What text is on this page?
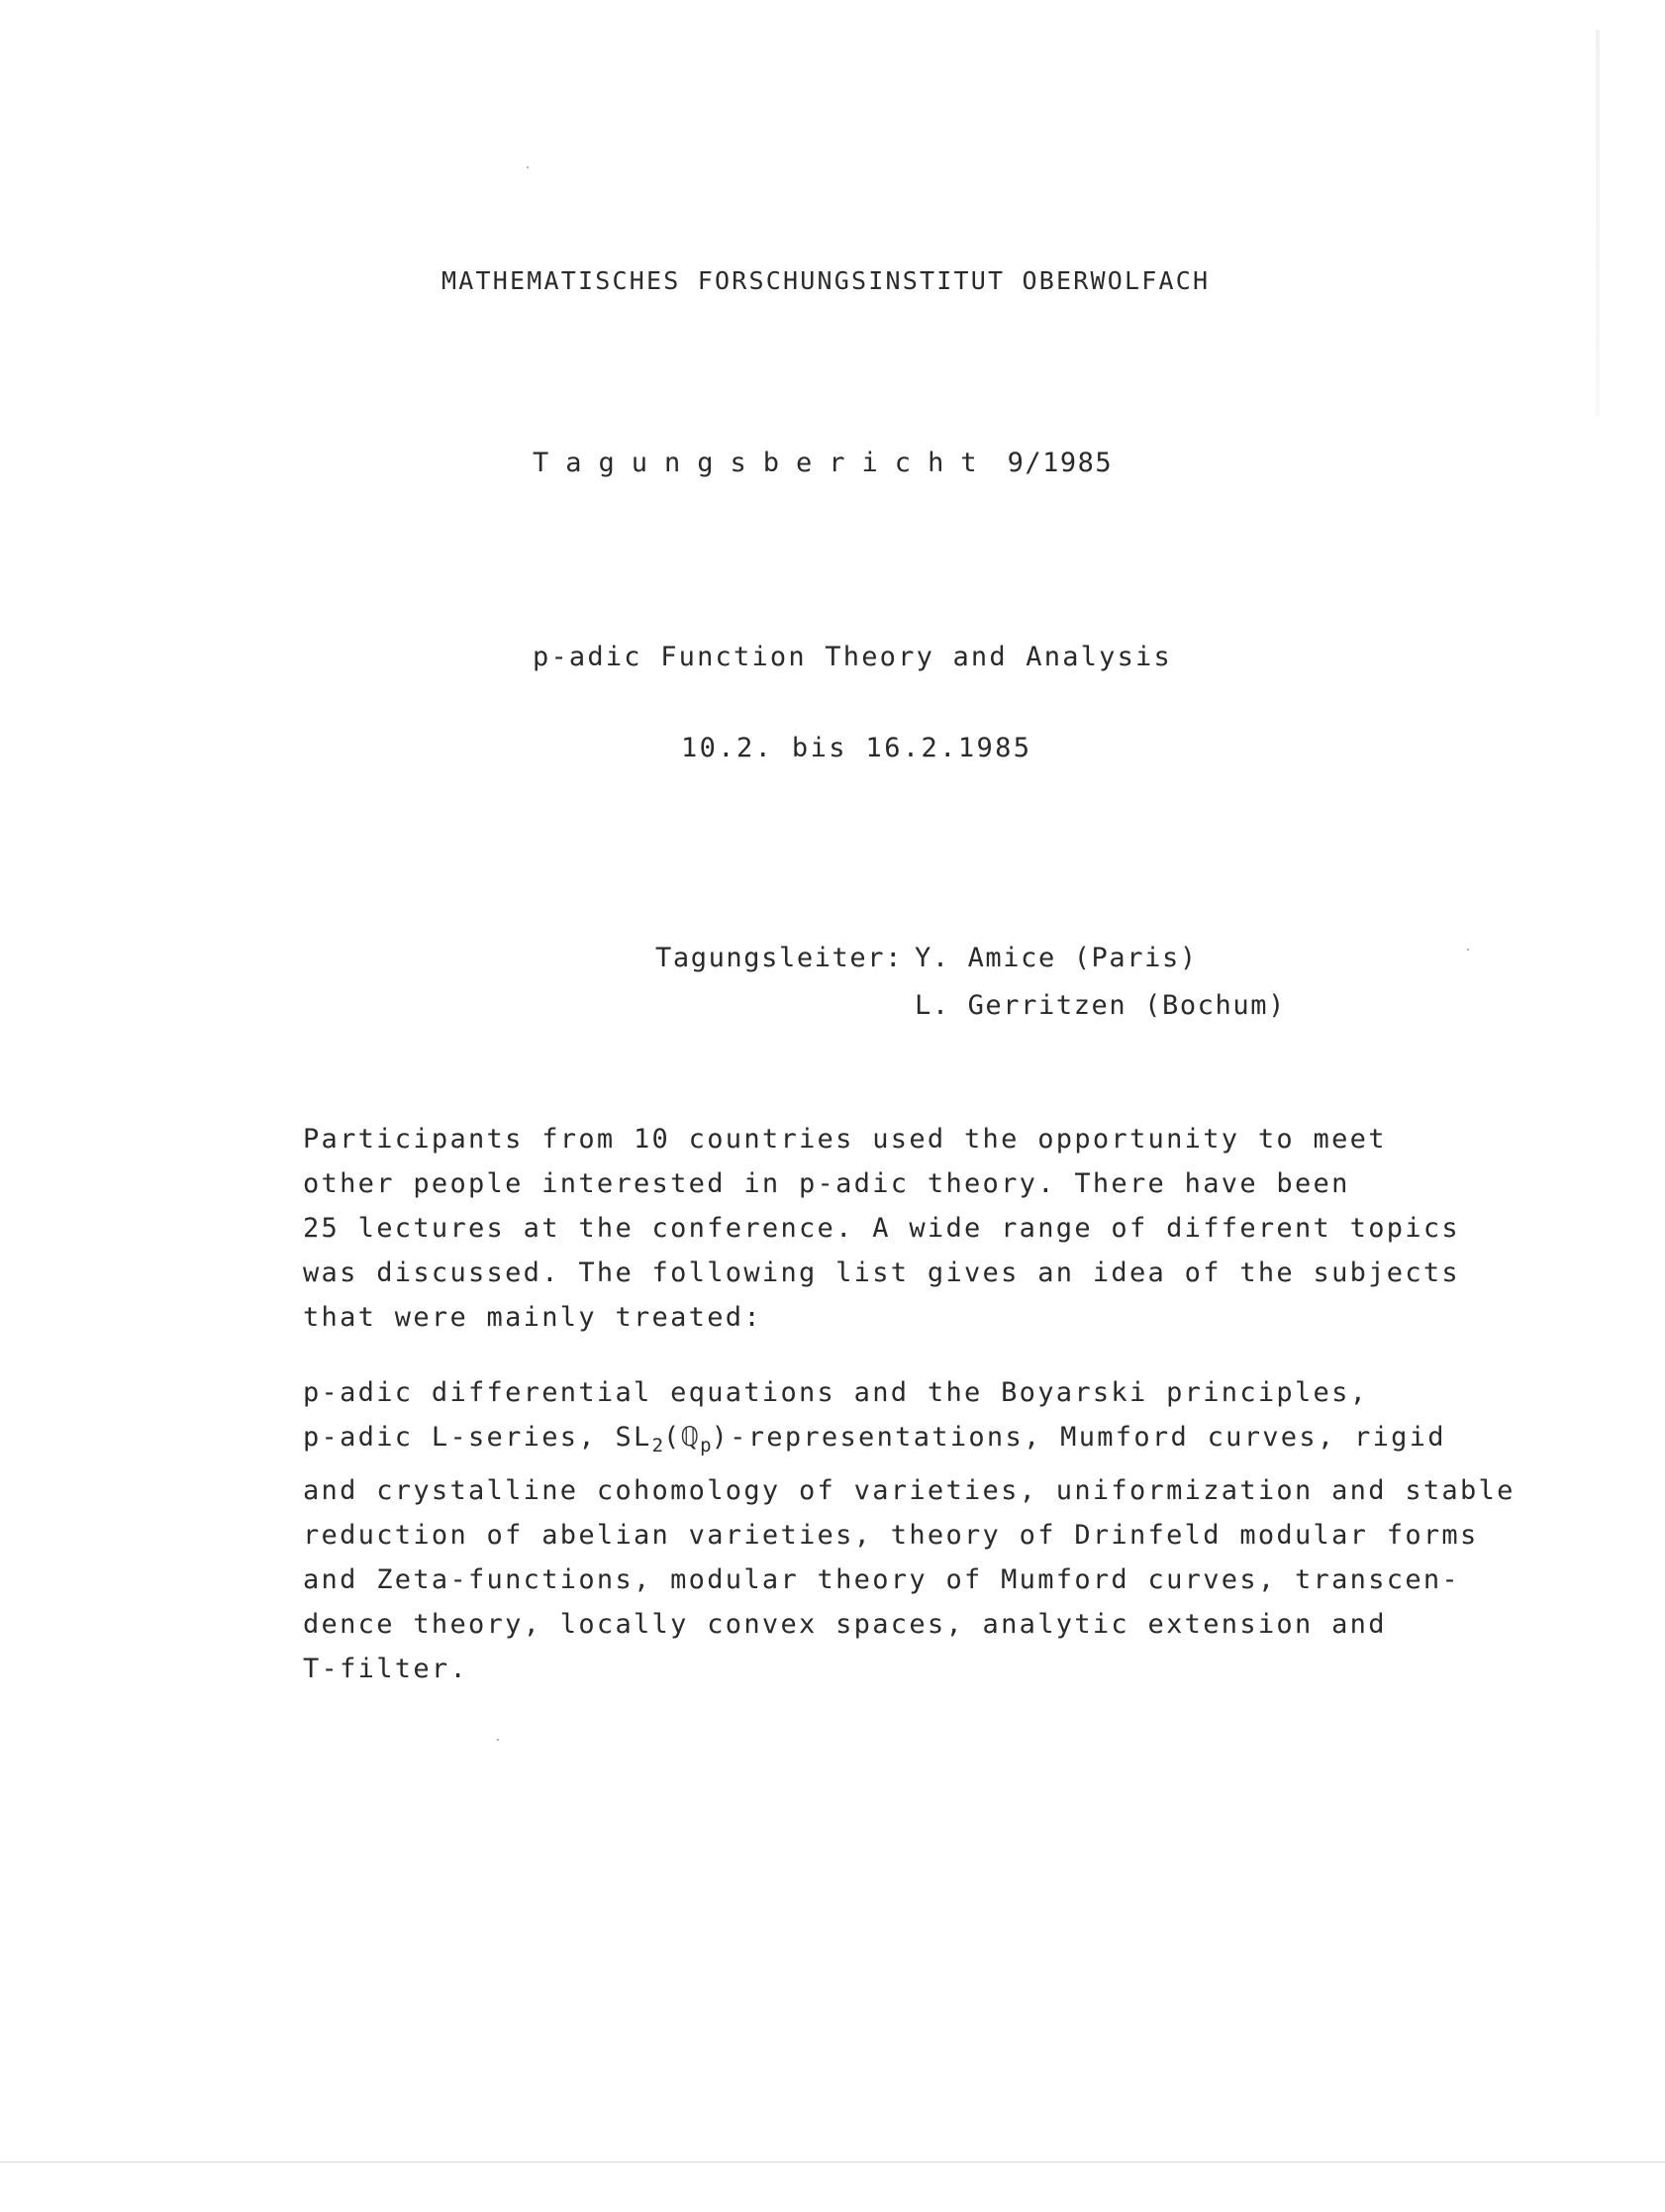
MATHEMATISCHES FORSCHUNGSINSTITUT OBERWOLFACH
Tagungsbericht 9/1985
p-adic Function Theory and Analysis
10.2. bis 16.2.1985
Tagungsleiter: Y. Amice (Paris)
L. Gerritzen (Bochum)
Participants from 10 countries used the opportunity to meet
other people interested in p-adic theory. There have been
25 lectures at the conference. A wide range of different topics
was discussed. The following list gives an idea of the subjects
that were mainly treated:
p-adic differential equations and the Boyarski principles,
p-adic L-series, $SL_2(ℚ_p)$-representations, Mumford curves, rigid
and crystalline cohomology of varieties, uniformization and stable
reduction of abelian varieties, theory of Drinfeld modular forms
and Zeta-functions, modular theory of Mumford curves, transcen-
dence theory, locally convex spaces, analytic extension and
T-filter.
